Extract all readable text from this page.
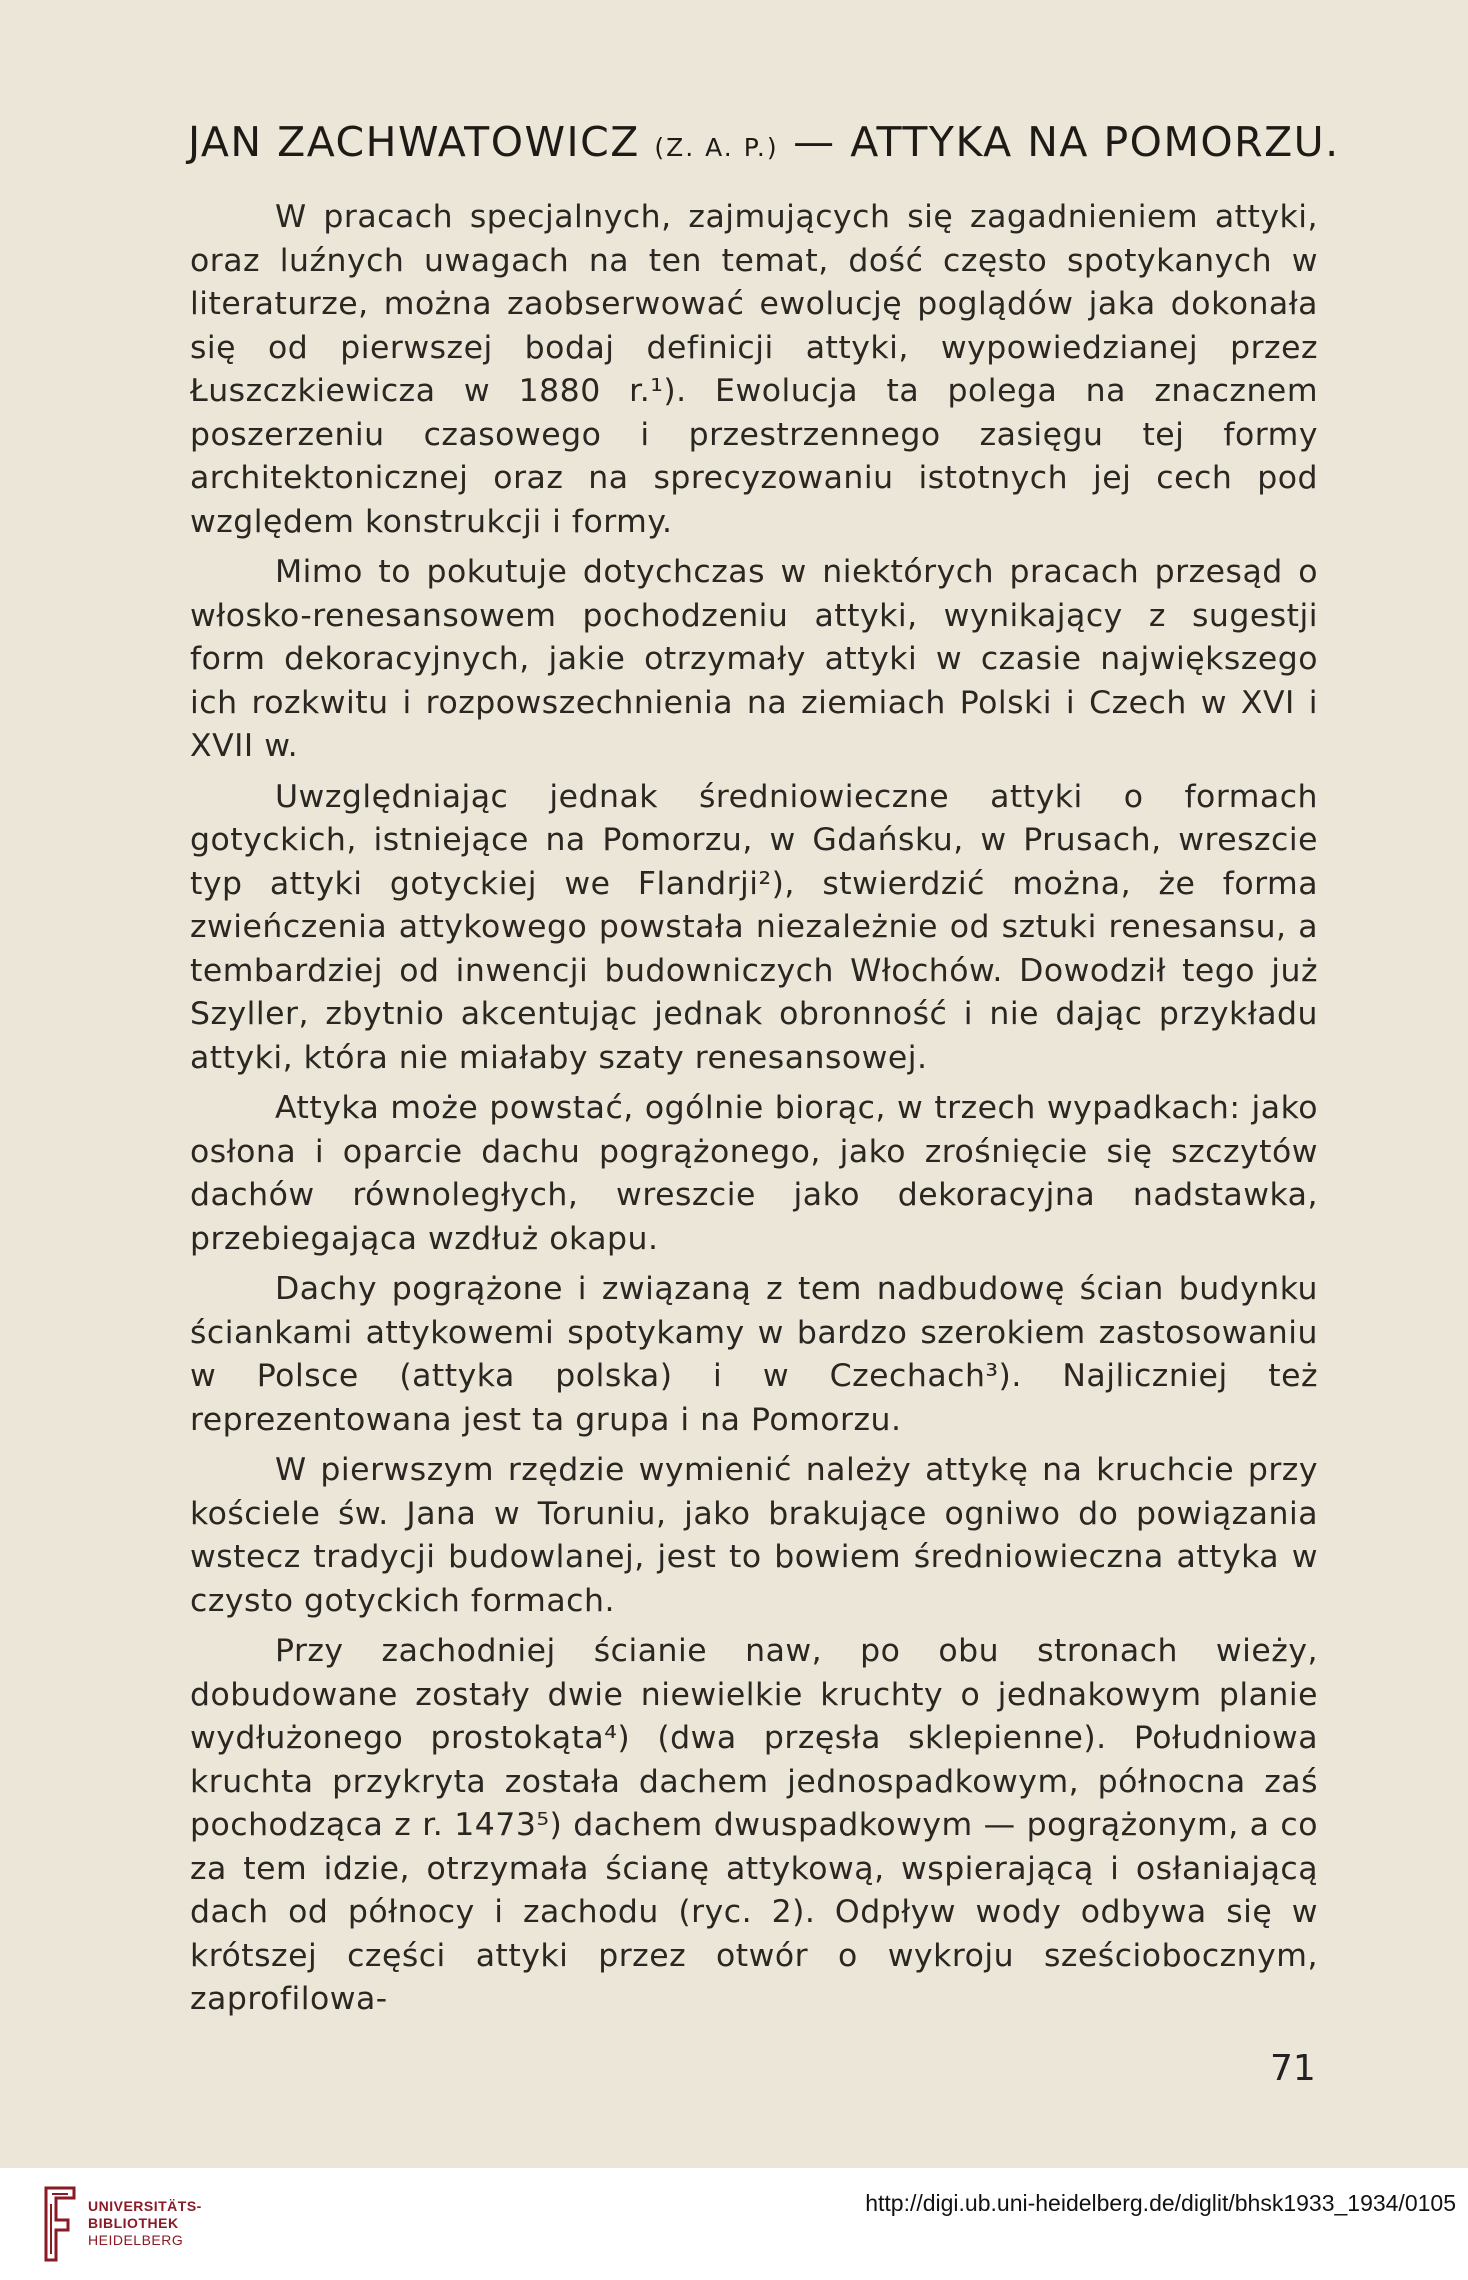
JAN ZACHWATOWICZ (Z. A. P.) — ATTYKA NA POMORZU.

W pracach specjalnych, zajmujących się zagadnieniem attyki, oraz luźnych uwagach na ten temat, dość często spotykanych w literaturze, można zaobserwować ewolucję poglądów jaka dokonała się od pierwszej bodaj definicji attyki, wypowiedzianej przez Łuszczkiewicza w 1880 r.¹). Ewolucja ta polega na znacznem poszerzeniu czasowego i przestrzennego zasięgu tej formy architektonicznej oraz na sprecyzowaniu istotnych jej cech pod względem konstrukcji i formy.

Mimo to pokutuje dotychczas w niektórych pracach przesąd o włosko-renesansowem pochodzeniu attyki, wynikający z sugestji form dekoracyjnych, jakie otrzymały attyki w czasie największego ich rozkwitu i rozpowszechnienia na ziemiach Polski i Czech w XVI i XVII w.

Uwzględniając jednak średniowieczne attyki o formach gotyckich, istniejące na Pomorzu, w Gdańsku, w Prusach, wreszcie typ attyki gotyckiej we Flandrji²), stwierdzić można, że forma zwieńczenia attykowego powstała niezależnie od sztuki renesansu, a tembardziej od inwencji budowniczych Włochów. Dowodził tego już Szyller, zbytnio akcentując jednak obronność i nie dając przykładu attyki, która nie miałaby szaty renesansowej.

Attyka może powstać, ogólnie biorąc, w trzech wypadkach: jako osłona i oparcie dachu pogrążonego, jako zrośnięcie się szczytów dachów równoległych, wreszcie jako dekoracyjna nadstawka, przebiegająca wzdłuż okapu.

Dachy pogrążone i związaną z tem nadbudowę ścian budynku ściankami attykowemi spotykamy w bardzo szerokiem zastosowaniu w Polsce (attyka polska) i w Czechach³). Najliczniej też reprezentowana jest ta grupa i na Pomorzu.

W pierwszym rzędzie wymienić należy attykę na kruchcie przy kościele św. Jana w Toruniu, jako brakujące ogniwo do powiązania wstecz tradycji budowlanej, jest to bowiem średniowieczna attyka w czysto gotyckich formach.

Przy zachodniej ścianie naw, po obu stronach wieży, dobudowane zostały dwie niewielkie kruchty o jednakowym planie wydłużonego prostokąta⁴) (dwa przęsła sklepienne). Południowa kruchta przykryta została dachem jednospadkowym, północna zaś pochodząca z r. 1473⁵) dachem dwuspadkowym — pogrążonym, a co za tem idzie, otrzymała ścianę attykową, wspierającą i osłaniającą dach od północy i zachodu (ryc. 2). Odpływ wody odbywa się w krótszej części attyki przez otwór o wykroju sześciobocznym, zaprofilowa-

71
UNIVERSITÄTS-
BIBLIOTHEK
HEIDELBERG
http://digi.ub.uni-heidelberg.de/diglit/bhsk1933_1934/0105
